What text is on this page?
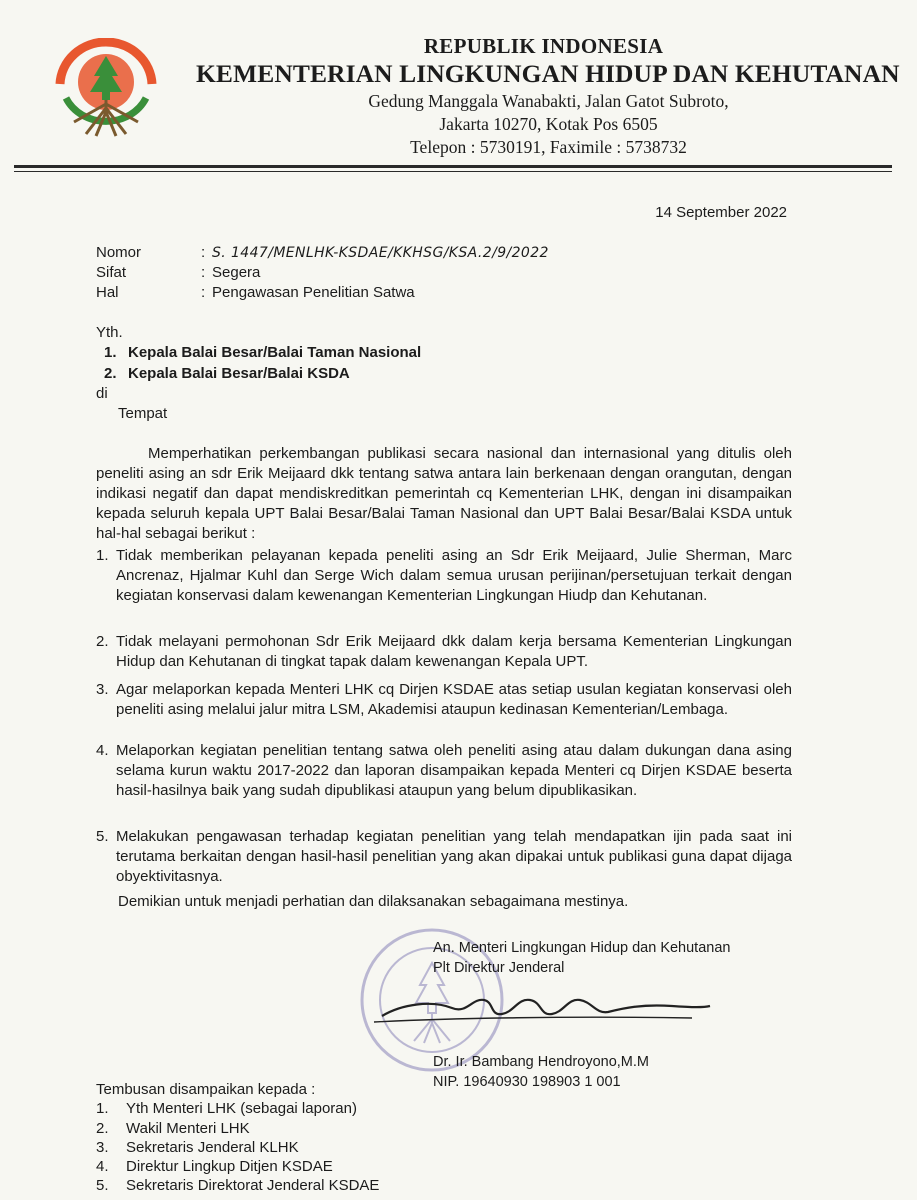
REPUBLIK INDONESIA
KEMENTERIAN LINGKUNGAN HIDUP DAN KEHUTANAN
Gedung Manggala Wanabakti, Jalan Gatot Subroto,
Jakarta 10270, Kotak Pos 6505
Telepon : 5730191, Faximile : 5738732
14 September 2022
Nomor	: S. 1447/MENLHK-KSDAE/KKHSG/KSA.2/9/2022
Sifat	: Segera
Hal	: Pengawasan Penelitian Satwa
Yth.
1. Kepala Balai Besar/Balai Taman Nasional
2. Kepala Balai Besar/Balai KSDA
di
Tempat
Memperhatikan perkembangan publikasi secara nasional dan internasional yang ditulis oleh peneliti asing an sdr Erik Meijaard dkk tentang satwa antara lain berkenaan dengan orangutan, dengan indikasi negatif dan dapat mendiskreditkan pemerintah cq Kementerian LHK, dengan ini disampaikan kepada seluruh kepala UPT Balai Besar/Balai Taman Nasional dan UPT Balai Besar/Balai KSDA untuk hal-hal sebagai berikut :
1. Tidak memberikan pelayanan kepada peneliti asing an Sdr Erik Meijaard, Julie Sherman, Marc Ancrenaz, Hjalmar Kuhl dan Serge Wich dalam semua urusan perijinan/persetujuan terkait dengan kegiatan konservasi dalam kewenangan Kementerian Lingkungan Hiudp dan Kehutanan.
2. Tidak melayani permohonan Sdr Erik Meijaard dkk dalam kerja bersama Kementerian Lingkungan Hidup dan Kehutanan di tingkat tapak dalam kewenangan Kepala UPT.
3. Agar melaporkan kepada Menteri LHK cq Dirjen KSDAE atas setiap usulan kegiatan konservasi oleh peneliti asing melalui jalur mitra LSM, Akademisi ataupun kedinasan Kementerian/Lembaga.
4. Melaporkan kegiatan penelitian tentang satwa oleh peneliti asing atau dalam dukungan dana asing selama kurun waktu 2017-2022 dan laporan disampaikan kepada Menteri cq Dirjen KSDAE beserta hasil-hasilnya baik yang sudah dipublikasi ataupun yang belum dipublikasikan.
5. Melakukan pengawasan terhadap kegiatan penelitian yang telah mendapatkan ijin pada saat ini terutama berkaitan dengan hasil-hasil penelitian yang akan dipakai untuk publikasi guna dapat dijaga obyektivitasnya.
Demikian untuk menjadi perhatian dan dilaksanakan sebagaimana mestinya.
An. Menteri Lingkungan Hidup dan Kehutanan
Plt Direktur Jenderal
Dr. Ir. Bambang Hendroyono,M.M
NIP. 19640930 198903 1 001
Tembusan disampaikan kepada :
1.	Yth Menteri LHK (sebagai laporan)
2.	Wakil Menteri LHK
3.	Sekretaris Jenderal KLHK
4.	Direktur Lingkup Ditjen KSDAE
5.	Sekretaris Direktorat Jenderal KSDAE
